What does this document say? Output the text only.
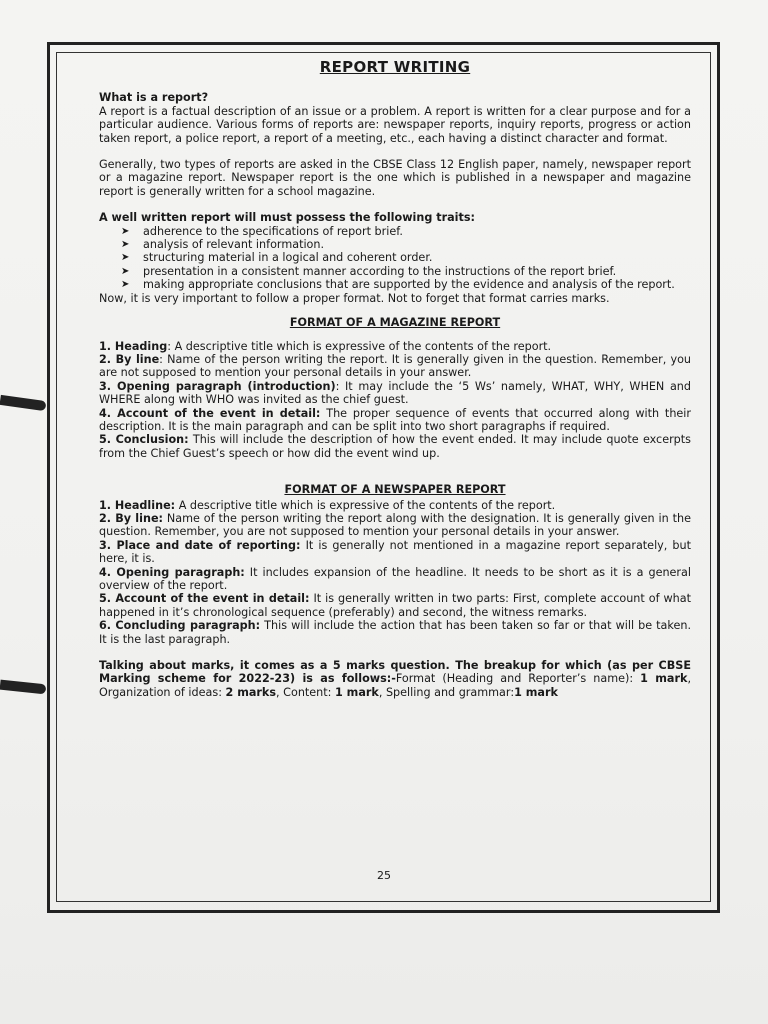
REPORT WRITING

What is a report?

A report is a factual description of an issue or a problem. A report is written for a clear purpose and for a particular audience. Various forms of reports are: newspaper reports, inquiry reports, progress or action taken report, a police report, a report of a meeting, etc., each having a distinct character and format.

Generally, two types of reports are asked in the CBSE Class 12 English paper, namely, newspaper report or a magazine report. Newspaper report is the one which is published in a newspaper and magazine report is generally written for a school magazine.

A well written report will must possess the following traits:

➤ adherence to the specifications of report brief.
➤ analysis of relevant information.
➤ structuring material in a logical and coherent order.
➤ presentation in a consistent manner according to the instructions of the report brief.
➤ making appropriate conclusions that are supported by the evidence and analysis of the report.

Now, it is very important to follow a proper format. Not to forget that format carries marks.

FORMAT OF A MAGAZINE REPORT

1. Heading: A descriptive title which is expressive of the contents of the report.

2. By line: Name of the person writing the report. It is generally given in the question. Remember, you are not supposed to mention your personal details in your answer.

3. Opening paragraph (introduction): It may include the ‘5 Ws’ namely, WHAT, WHY, WHEN and WHERE along with WHO was invited as the chief guest.

4. Account of the event in detail: The proper sequence of events that occurred along with their description. It is the main paragraph and can be split into two short paragraphs if required.

5. Conclusion: This will include the description of how the event ended. It may include quote excerpts from the Chief Guest’s speech or how did the event wind up.

FORMAT OF A NEWSPAPER REPORT

1. Headline: A descriptive title which is expressive of the contents of the report.

2. By line: Name of the person writing the report along with the designation. It is generally given in the question. Remember, you are not supposed to mention your personal details in your answer.

3. Place and date of reporting: It is generally not mentioned in a magazine report separately, but here, it is.

4. Opening paragraph: It includes expansion of the headline. It needs to be short as it is a general overview of the report.

5. Account of the event in detail: It is generally written in two parts: First, complete account of what happened in it’s chronological sequence (preferably) and second, the witness remarks.

6. Concluding paragraph: This will include the action that has been taken so far or that will be taken. It is the last paragraph.

Talking about marks, it comes as a 5 marks question. The breakup for which (as per CBSE Marking scheme for 2022-23) is as follows:-Format (Heading and Reporter’s name): 1 mark, Organization of ideas: 2 marks, Content: 1 mark, Spelling and grammar:1 mark

25
